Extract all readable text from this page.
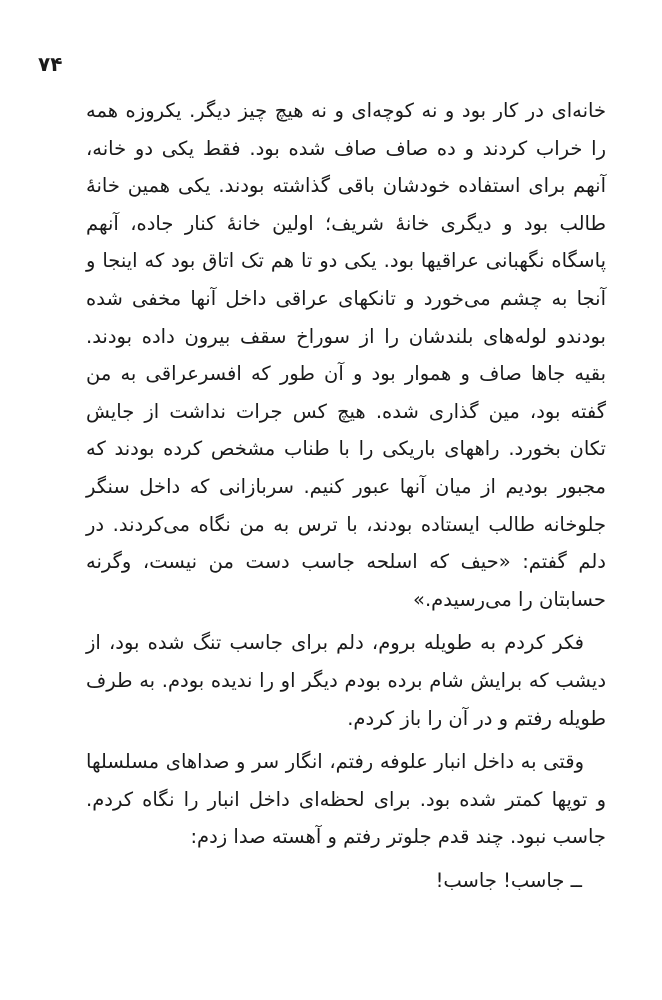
۷۴

خانه‌ای در کار بود و نه کوچه‌ای و نه هیچ چیز دیگر. یکروزه همه را خراب کردند و ده صاف صاف شده بود. فقط یکی دو خانه، آنهم برای استفاده خودشان باقی گذاشته بودند. یکی همین خانهٔ طالب بود و دیگری خانهٔ شریف؛ اولین خانهٔ کنار جاده، آنهم پاسگاه نگهبانی عراقیها بود. یکی دو تا هم تک اتاق بود که اینجا و آنجا به چشم می‌خورد و تانکهای عراقی داخل آنها مخفی شده بودندو لوله‌های بلندشان را از سوراخ سقف بیرون داده بودند. بقیه جاها صاف و هموار بود و آن طور که افسرعراقی به من گفته بود، مین گذاری شده. هیچ کس جرات نداشت از جایش تکان بخورد. راههای باریکی را با طناب مشخص کرده بودند که مجبور بودیم از میان آنها عبور کنیم. سربازانی که داخل سنگر جلوخانه طالب ایستاده بودند، با ترس به من نگاه می‌کردند. در دلم گفتم: «حیف که اسلحه جاسب دست من نیست، وگرنه حسابتان را می‌رسیدم.»

فکر کردم به طویله بروم، دلم برای جاسب تنگ شده بود، از دیشب که برایش شام برده بودم دیگر او را ندیده بودم. به طرف طویله رفتم و در آن را باز کردم.

وقتی به داخل انبار علوفه رفتم، انگار سر و صداهای مسلسلها و توپها کمتر شده بود. برای لحظه‌ای داخل انبار را نگاه کردم. جاسب نبود. چند قدم جلوتر رفتم و آهسته صدا زدم:

ــ جاسب! جاسب!
